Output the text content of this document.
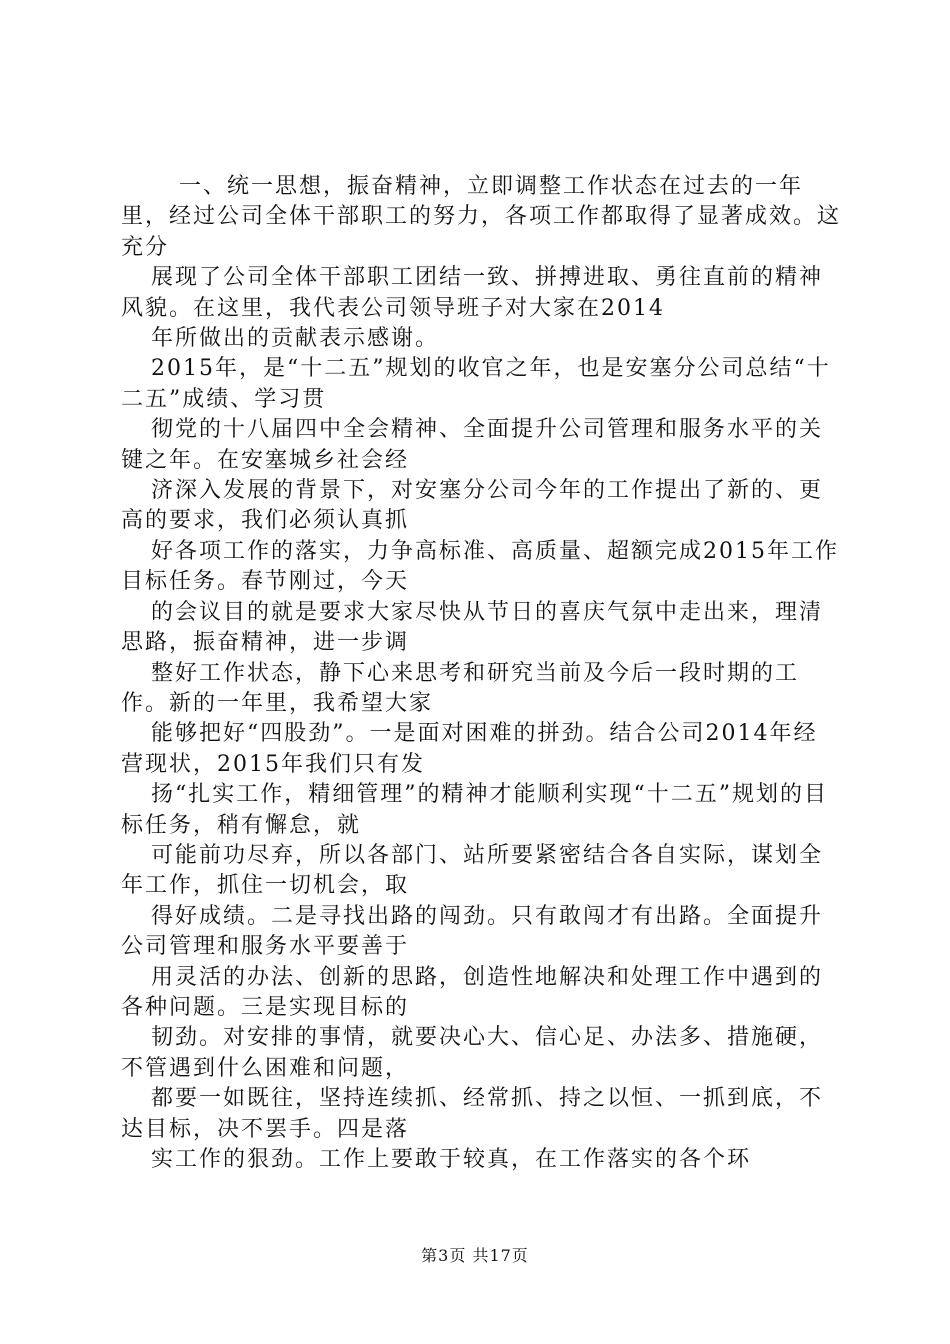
一、统一思想，振奋精神，立即调整工作状态在过去的一年里，经过公司全体干部职工的努力，各项工作都取得了显著成效。这充分

展现了公司全体干部职工团结一致、拼搏进取、勇往直前的精神风貌。在这里，我代表公司领导班子对大家在2014

年所做出的贡献表示感谢。

2015年，是“十二五”规划的收官之年，也是安塞分公司总结“十二五”成绩、学习贯

彻党的十八届四中全会精神、全面提升公司管理和服务水平的关键之年。在安塞城乡社会经

济深入发展的背景下，对安塞分公司今年的工作提出了新的、更高的要求，我们必须认真抓

好各项工作的落实，力争高标准、高质量、超额完成2015年工作目标任务。春节刚过，今天

的会议目的就是要求大家尽快从节日的喜庆气氛中走出来，理清思路，振奋精神，进一步调

整好工作状态，静下心来思考和研究当前及今后一段时期的工作。新的一年里，我希望大家

能够把好“四股劲”。一是面对困难的拼劲。结合公司2014年经营现状，2015年我们只有发

扬“扎实工作，精细管理”的精神才能顺利实现“十二五”规划的目标任务，稍有懈怠，就

可能前功尽弃，所以各部门、站所要紧密结合各自实际，谋划全年工作，抓住一切机会，取

得好成绩。二是寻找出路的闯劲。只有敢闯才有出路。全面提升公司管理和服务水平要善于

用灵活的办法、创新的思路，创造性地解决和处理工作中遇到的各种问题。三是实现目标的

韧劲。对安排的事情，就要决心大、信心足、办法多、措施硬，不管遇到什么困难和问题，

都要一如既往，坚持连续抓、经常抓、持之以恒、一抓到底，不达目标，决不罢手。四是落

实工作的狠劲。工作上要敢于较真，在工作落实的各个环

第3页 共17页
